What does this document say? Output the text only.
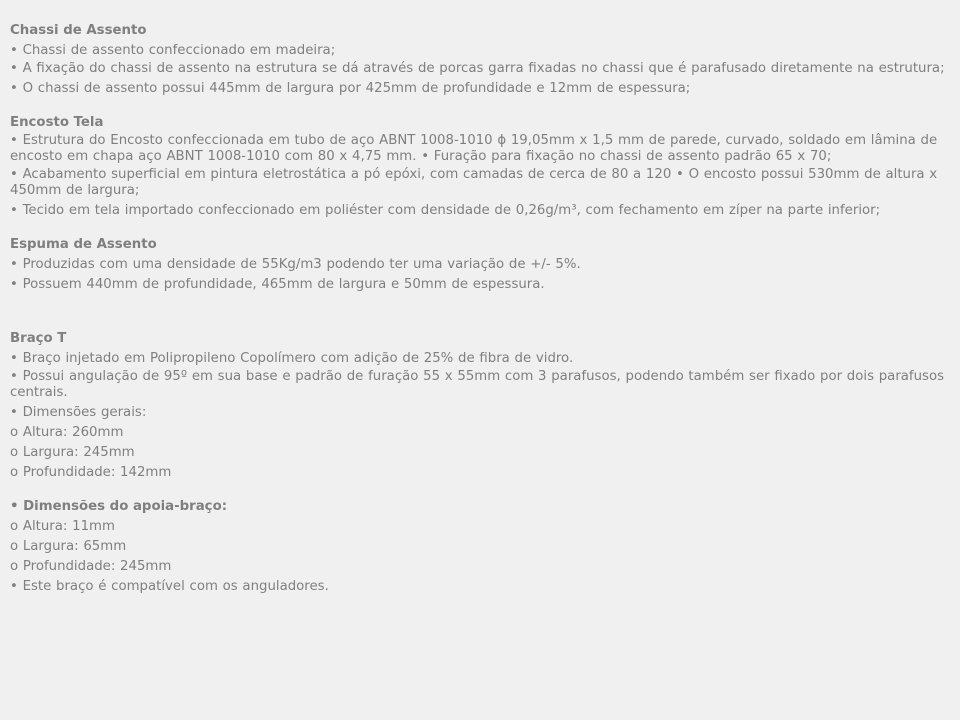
Chassi de Assento

• Chassi de assento confeccionado em madeira;

• A fixação do chassi de assento na estrutura se dá através de porcas garra fixadas no chassi que é parafusado diretamente na estrutura;

• O chassi de assento possui 445mm de largura por 425mm de profundidade e 12mm de espessura;

Encosto Tela

• Estrutura do Encosto confeccionada em tubo de aço ABNT 1008-1010 ϕ 19,05mm x 1,5 mm de parede, curvado, soldado em lâmina de encosto em chapa aço ABNT 1008-1010 com 80 x 4,75 mm. • Furação para fixação no chassi de assento padrão 65 x 70;

• Acabamento superficial em pintura eletrostática a pó epóxi, com camadas de cerca de 80 a 120 • O encosto possui 530mm de altura x 450mm de largura;

• Tecido em tela importado confeccionado em poliéster com densidade de 0,26g/m³, com fechamento em zíper na parte inferior;

Espuma de Assento

• Produzidas com uma densidade de 55Kg/m3 podendo ter uma variação de +/- 5%.

• Possuem 440mm de profundidade, 465mm de largura e 50mm de espessura.

Braço T

• Braço injetado em Polipropileno Copolímero com adição de 25% de fibra de vidro.

• Possui angulação de 95º em sua base e padrão de furação 55 x 55mm com 3 parafusos, podendo também ser fixado por dois parafusos centrais.

• Dimensões gerais:

o Altura: 260mm

o Largura: 245mm

o Profundidade: 142mm

• Dimensões do apoia-braço:

o Altura: 11mm

o Largura: 65mm

o Profundidade: 245mm

• Este braço é compatível com os anguladores.
